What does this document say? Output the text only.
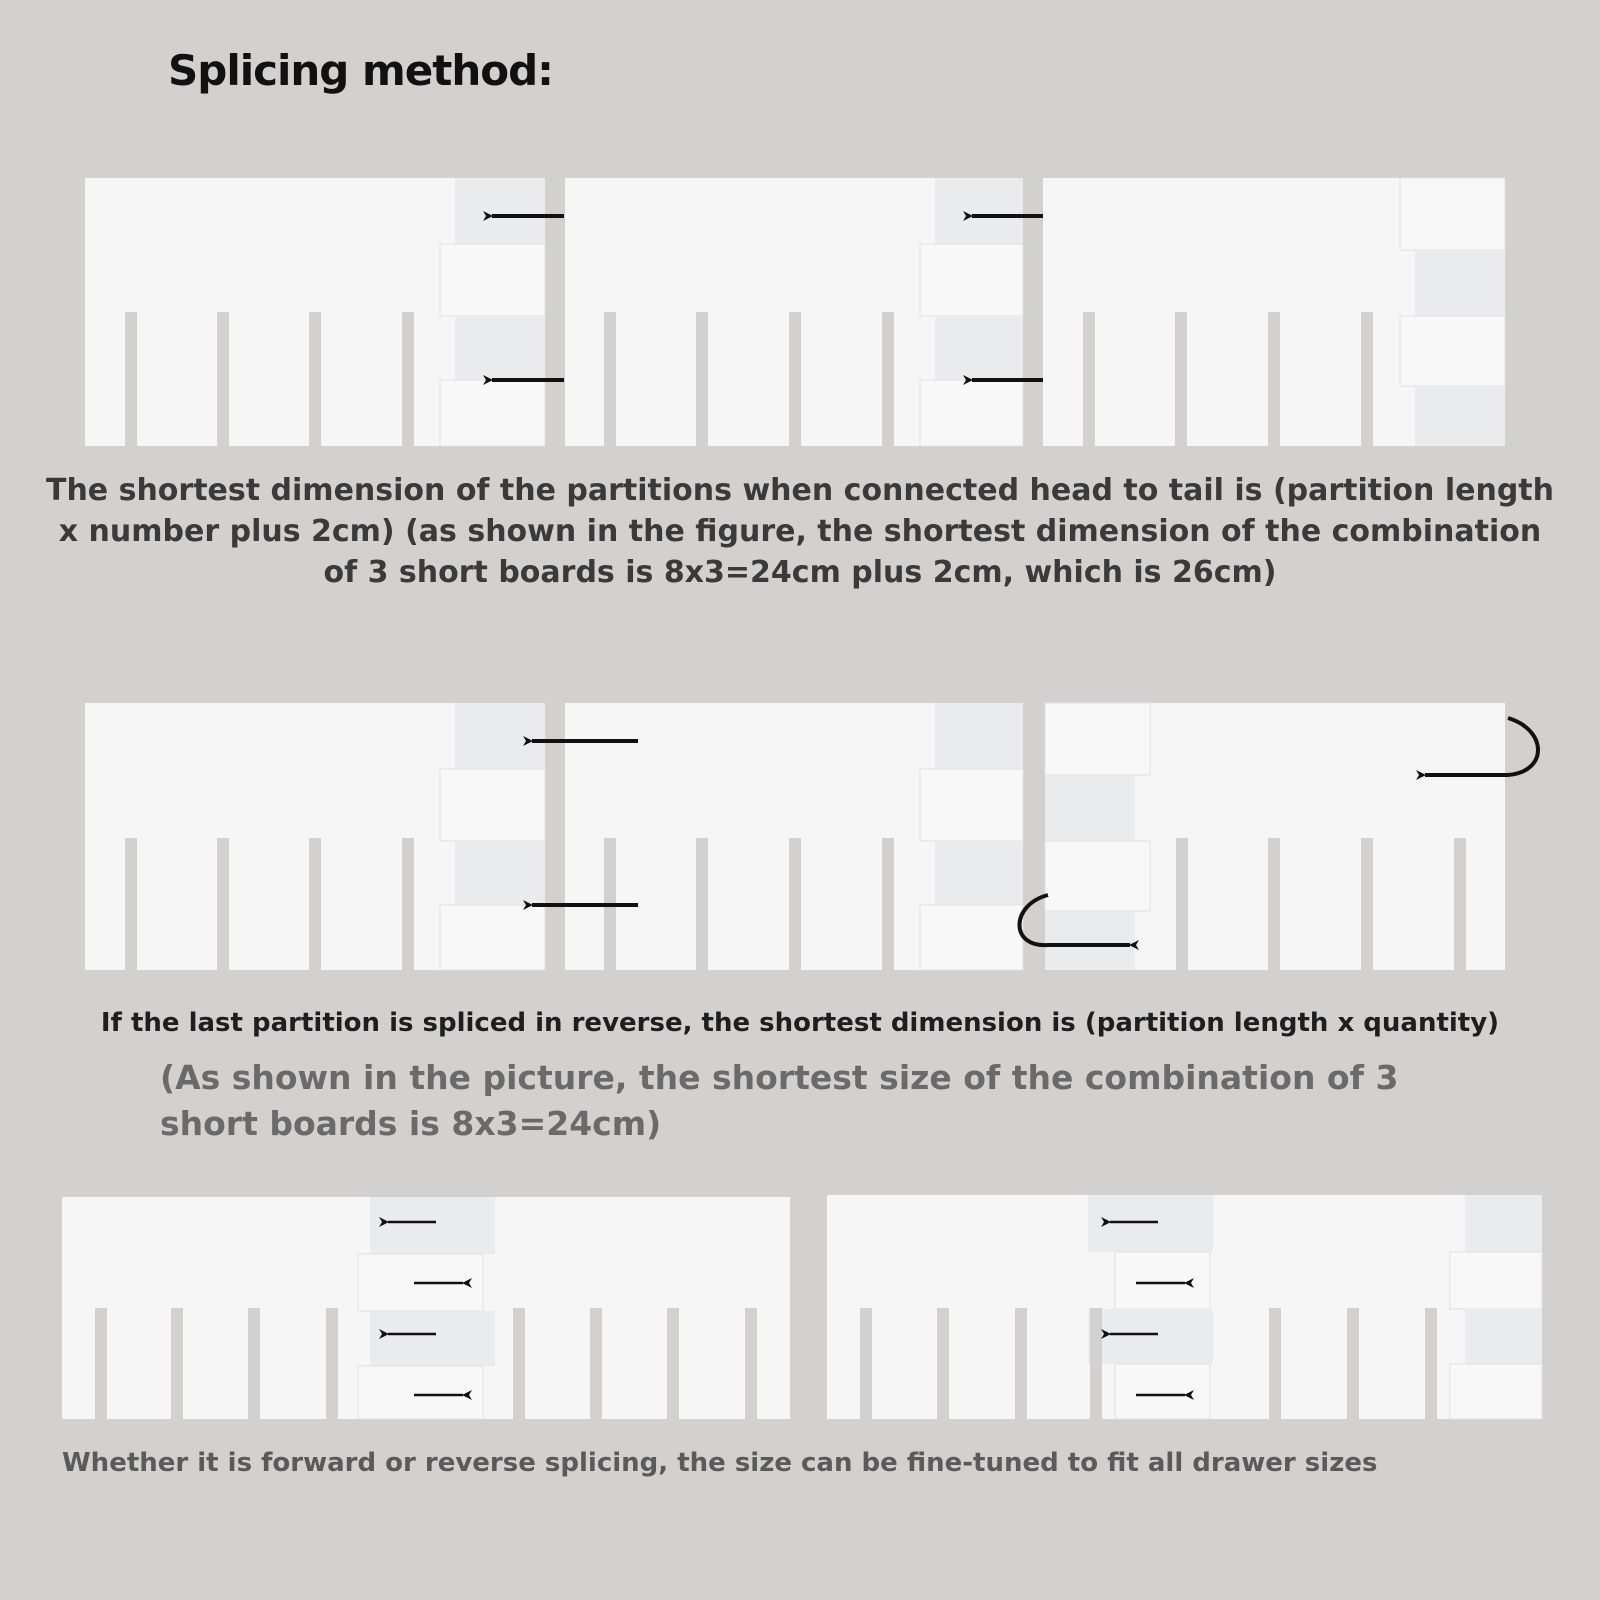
Splicing method:

The shortest dimension of the partitions when connected head to tail is (partition length x number plus 2cm) (as shown in the figure, the shortest dimension of the combination of 3 short boards is 8x3=24cm plus 2cm, which is 26cm)

If the last partition is spliced in reverse, the shortest dimension is (partition length x quantity)

(As shown in the picture, the shortest size of the combination of 3 short boards is 8x3=24cm)

Whether it is forward or reverse splicing, the size can be fine-tuned to fit all drawer sizes
